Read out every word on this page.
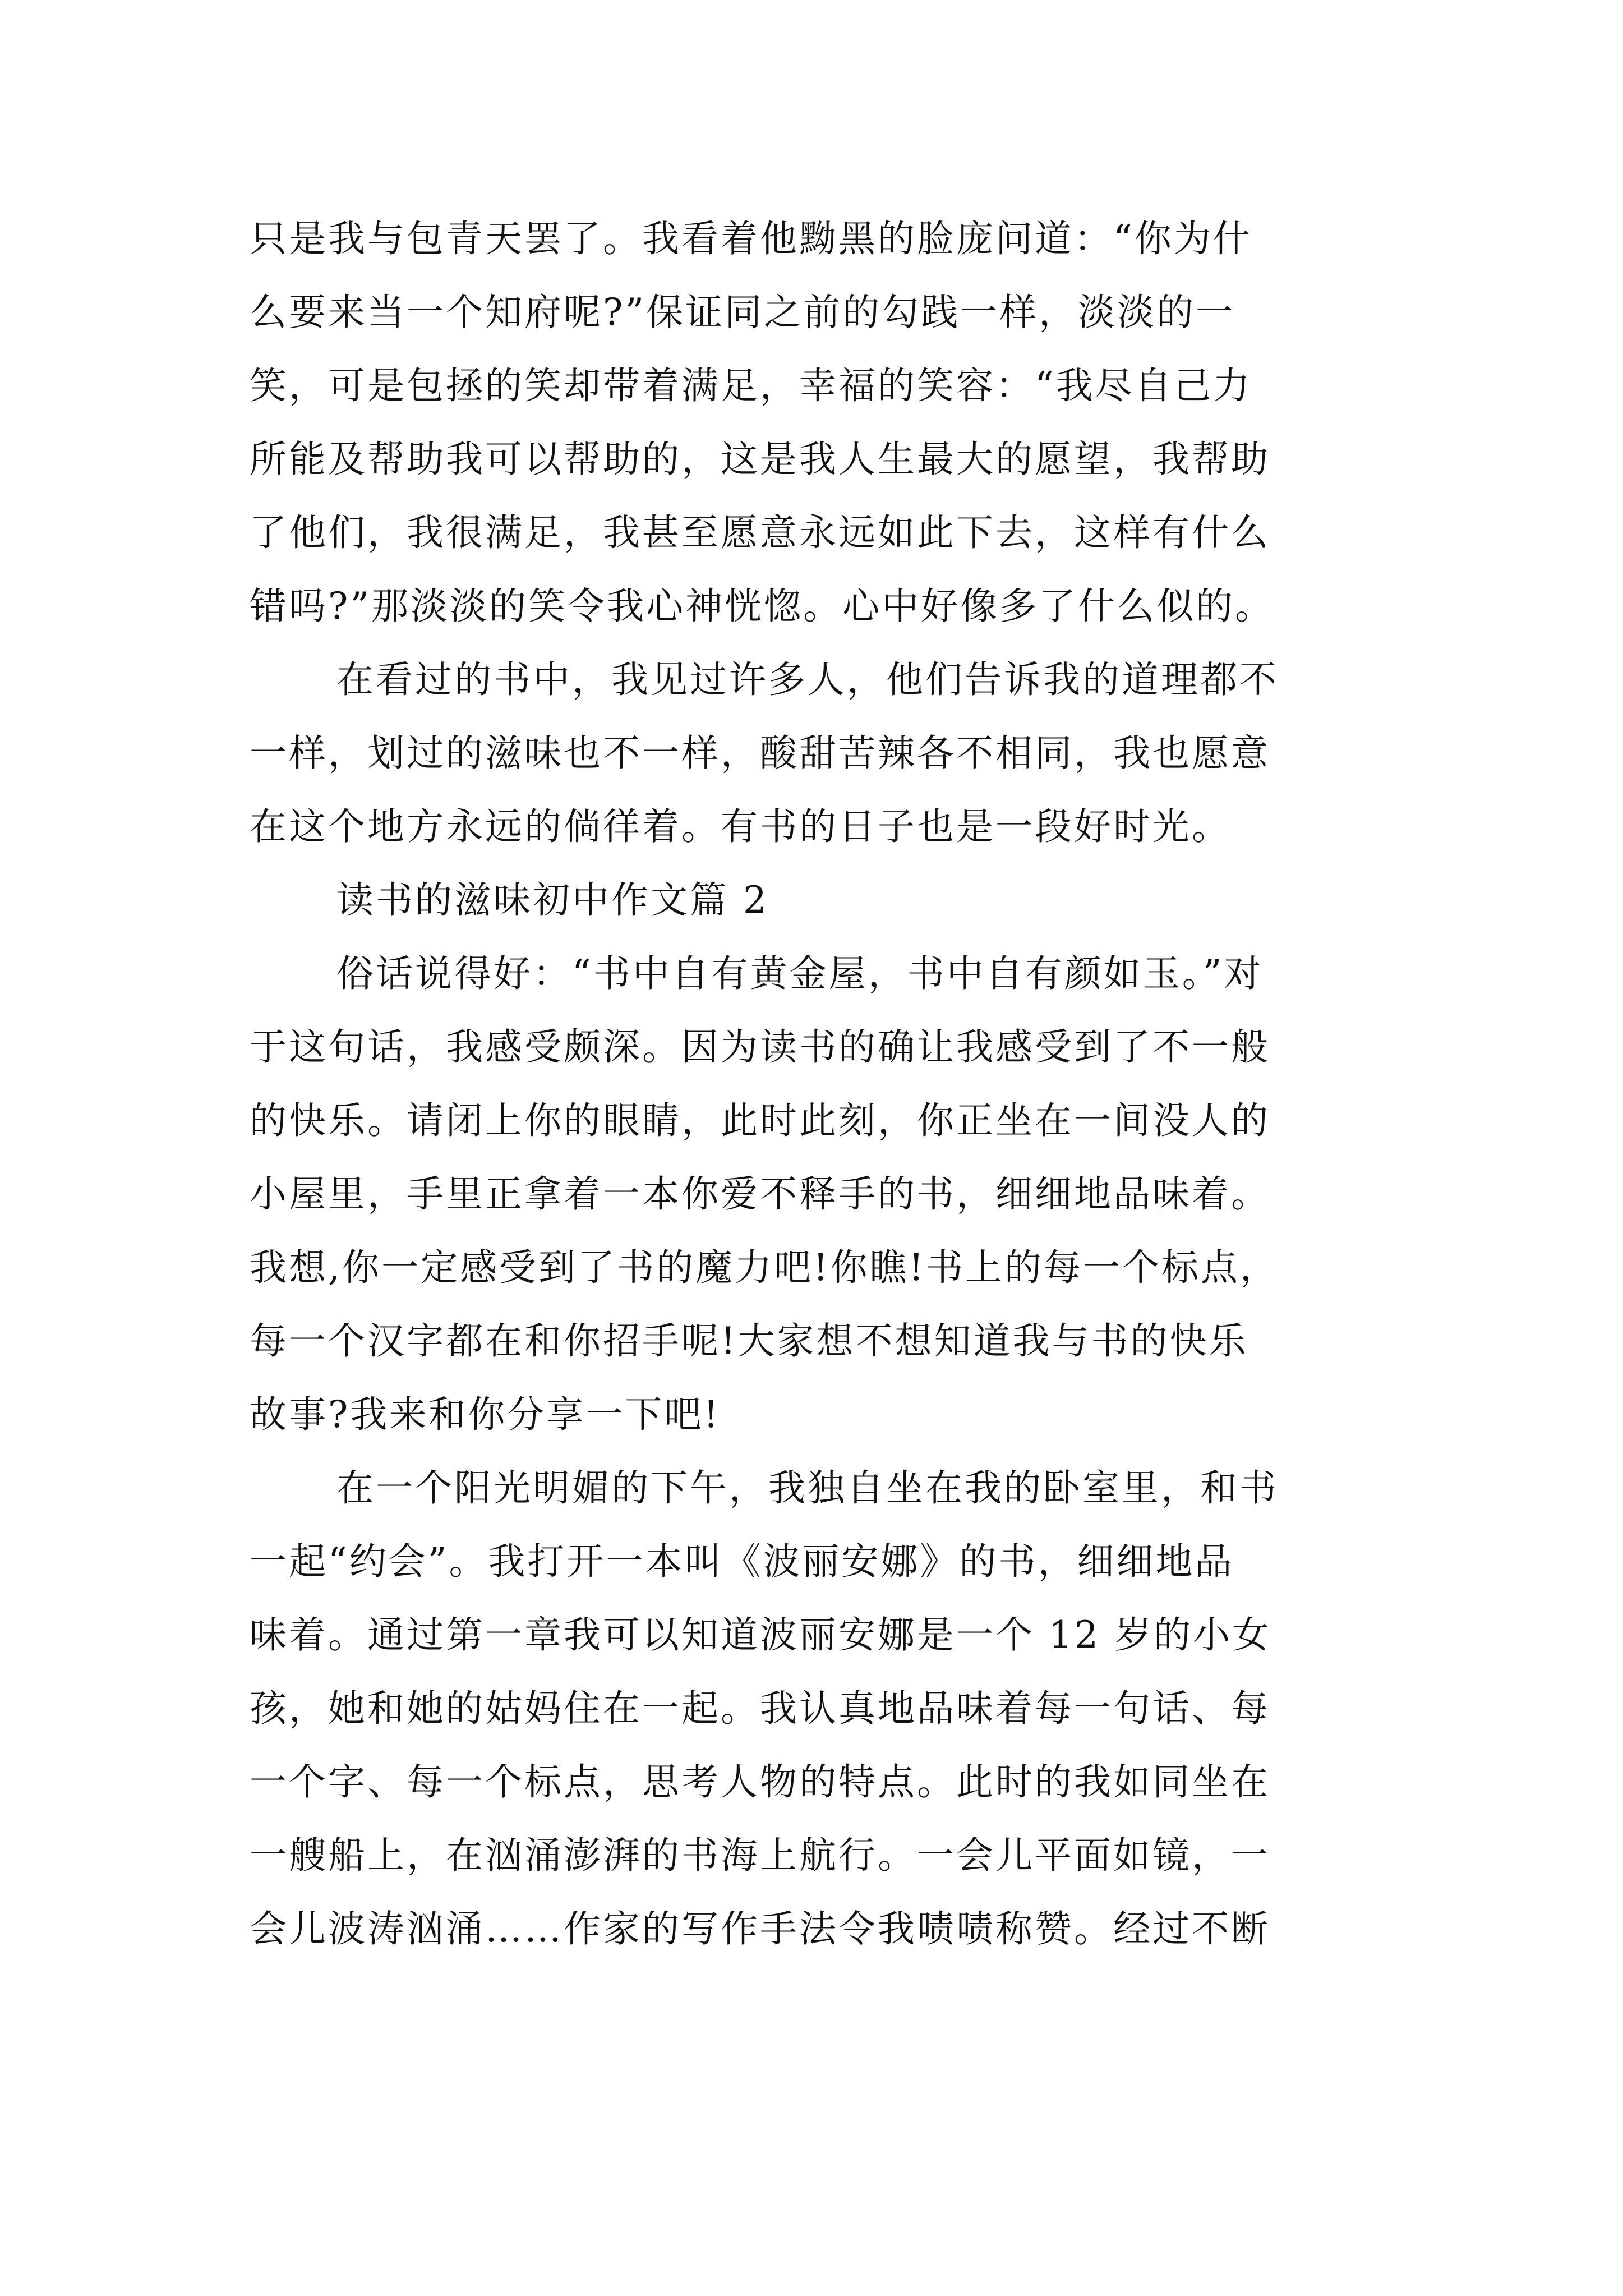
只是我与包青天罢了。我看着他黝黑的脸庞问道：“你为什
么要来当一个知府呢?”保证同之前的勾践一样，淡淡的一
笑，可是包拯的笑却带着满足，幸福的笑容：“我尽自己力
所能及帮助我可以帮助的，这是我人生最大的愿望，我帮助
了他们，我很满足，我甚至愿意永远如此下去，这样有什么
错吗?”那淡淡的笑令我心神恍惚。心中好像多了什么似的。
在看过的书中，我见过许多人，他们告诉我的道理都不
一样，划过的滋味也不一样，酸甜苦辣各不相同，我也愿意
在这个地方永远的倘徉着。有书的日子也是一段好时光。
读书的滋味初中作文篇 2
俗话说得好：“书中自有黄金屋，书中自有颜如玉。”对
于这句话，我感受颇深。因为读书的确让我感受到了不一般
的快乐。请闭上你的眼睛，此时此刻，你正坐在一间没人的
小屋里，手里正拿着一本你爱不释手的书，细细地品味着。
我想,你一定感受到了书的魔力吧!你瞧!书上的每一个标点，
每一个汉字都在和你招手呢!大家想不想知道我与书的快乐
故事?我来和你分享一下吧!
在一个阳光明媚的下午，我独自坐在我的卧室里，和书
一起“约会”。我打开一本叫《波丽安娜》的书，细细地品
味着。通过第一章我可以知道波丽安娜是一个 12 岁的小女
孩，她和她的姑妈住在一起。我认真地品味着每一句话、每
一个字、每一个标点，思考人物的特点。此时的我如同坐在
一艘船上，在汹涌澎湃的书海上航行。一会儿平面如镜，一
会儿波涛汹涌……作家的写作手法令我啧啧称赞。经过不断
